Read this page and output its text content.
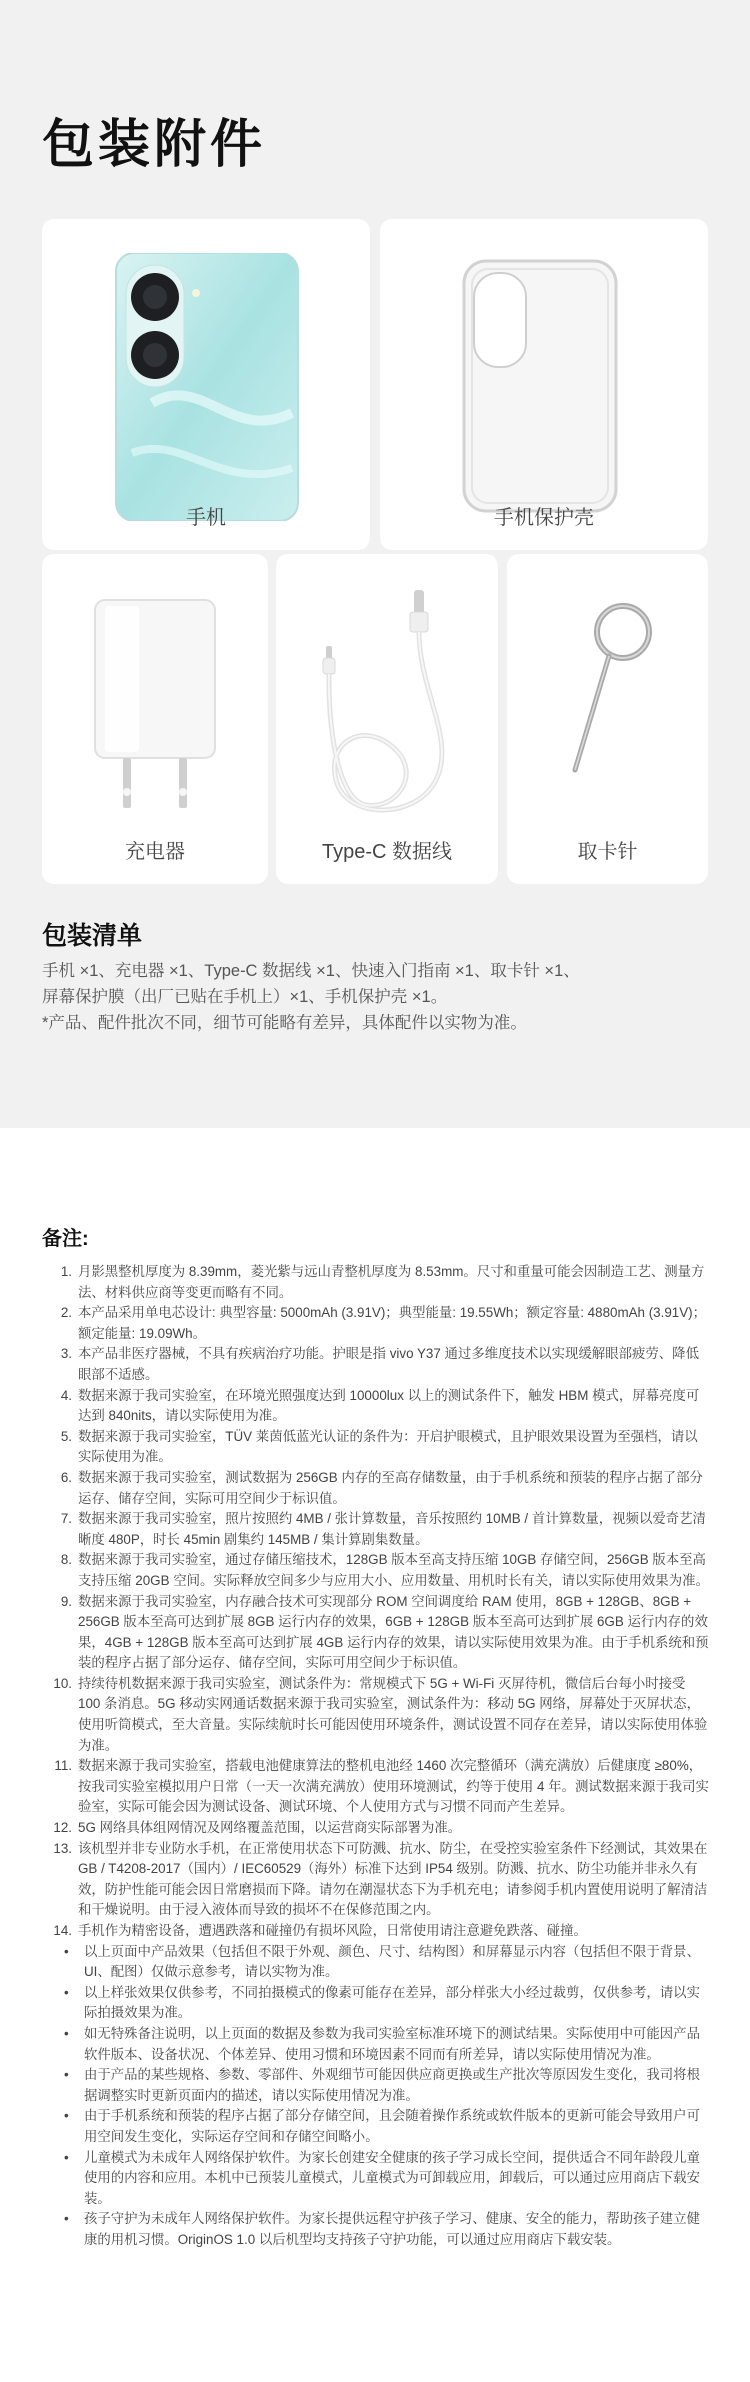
包装附件
手机	手机保护壳
充电器	Type-C 数据线	取卡针
包装清单

手机 ×1、充电器 ×1、Type-C 数据线 ×1、快速入门指南 ×1、取卡针 ×1、

屏幕保护膜（出厂已贴在手机上）×1、手机保护壳 ×1。

*产品、配件批次不同，细节可能略有差异，具体配件以实物为准。

备注:
1. 月影黑整机厚度为 8.39mm，菱光紫与远山青整机厚度为 8.53mm。尺寸和重量可能会因制造工艺、测量方法、材料供应商等变更而略有不同。
2. 本产品采用单电芯设计: 典型容量: 5000mAh (3.91V)；典型能量: 19.55Wh；额定容量: 4880mAh (3.91V)；额定能量: 19.09Wh。
3. 本产品非医疗器械，不具有疾病治疗功能。护眼是指 vivo Y37 通过多维度技术以实现缓解眼部疲劳、降低眼部不适感。
4. 数据来源于我司实验室，在环境光照强度达到 10000lux 以上的测试条件下，触发 HBM 模式，屏幕亮度可达到 840nits，请以实际使用为准。
5. 数据来源于我司实验室，TÜV 莱茵低蓝光认证的条件为：开启护眼模式，且护眼效果设置为至强档，请以实际使用为准。
6. 数据来源于我司实验室，测试数据为 256GB 内存的至高存储数量，由于手机系统和预装的程序占据了部分运存、储存空间，实际可用空间少于标识值。
7. 数据来源于我司实验室，照片按照约 4MB / 张计算数量，音乐按照约 10MB / 首计算数量，视频以爱奇艺清晰度 480P，时长 45min 剧集约 145MB / 集计算剧集数量。
8. 数据来源于我司实验室，通过存储压缩技术，128GB 版本至高支持压缩 10GB 存储空间，256GB 版本至高支持压缩 20GB 空间。实际释放空间多少与应用大小、应用数量、用机时长有关，请以实际使用效果为准。
9. 数据来源于我司实验室，内存融合技术可实现部分 ROM 空间调度给 RAM 使用，8GB + 128GB、8GB + 256GB 版本至高可达到扩展 8GB 运行内存的效果，6GB + 128GB 版本至高可达到扩展 6GB 运行内存的效果，4GB + 128GB 版本至高可达到扩展 4GB 运行内存的效果，请以实际使用效果为准。由于手机系统和预装的程序占据了部分运存、储存空间，实际可用空间少于标识值。
10. 持续待机数据来源于我司实验室，测试条件为：常规模式下 5G + Wi-Fi 灭屏待机，微信后台每小时接受 100 条消息。5G 移动实网通话数据来源于我司实验室，测试条件为：移动 5G 网络，屏幕处于灭屏状态，使用听筒模式，至大音量。实际续航时长可能因使用环境条件，测试设置不同存在差异，请以实际使用体验为准。
11. 数据来源于我司实验室，搭载电池健康算法的整机电池经 1460 次完整循环（满充满放）后健康度 ≥80%，按我司实验室模拟用户日常（一天一次满充满放）使用环境测试，约等于使用 4 年。测试数据来源于我司实验室，实际可能会因为测试设备、测试环境、个人使用方式与习惯不同而产生差异。
12. 5G 网络具体组网情况及网络覆盖范围，以运营商实际部署为准。
13. 该机型并非专业防水手机，在正常使用状态下可防溅、抗水、防尘，在受控实验室条件下经测试，其效果在 GB / T4208-2017（国内）/ IEC60529（海外）标准下达到 IP54 级别。防溅、抗水、防尘功能并非永久有效，防护性能可能会因日常磨损而下降。请勿在潮湿状态下为手机充电；请参阅手机内置使用说明了解清洁和干燥说明。由于浸入液体而导致的损坏不在保修范围之内。
14. 手机作为精密设备，遭遇跌落和碰撞仍有损坏风险，日常使用请注意避免跌落、碰撞。
•	以上页面中产品效果（包括但不限于外观、颜色、尺寸、结构图）和屏幕显示内容（包括但不限于背景、UI、配图）仅做示意参考，请以实物为准。
•	以上样张效果仅供参考，不同拍摄模式的像素可能存在差异，部分样张大小经过裁剪，仅供参考，请以实际拍摄效果为准。
•	如无特殊备注说明，以上页面的数据及参数为我司实验室标准环境下的测试结果。实际使用中可能因产品软件版本、设备状况、个体差异、使用习惯和环境因素不同而有所差异，请以实际使用情况为准。
•	由于产品的某些规格、参数、零部件、外观细节可能因供应商更换或生产批次等原因发生变化，我司将根据调整实时更新页面内的描述，请以实际使用情况为准。
•	由于手机系统和预装的程序占据了部分存储空间，且会随着操作系统或软件版本的更新可能会导致用户可用空间发生变化，实际运存空间和存储空间略小。
•	儿童模式为未成年人网络保护软件。为家长创建安全健康的孩子学习成长空间，提供适合不同年龄段儿童使用的内容和应用。本机中已预装儿童模式，儿童模式为可卸载应用，卸载后，可以通过应用商店下载安装。
•	孩子守护为未成年人网络保护软件。为家长提供远程守护孩子学习、健康、安全的能力，帮助孩子建立健康的用机习惯。OriginOS 1.0 以后机型均支持孩子守护功能，可以通过应用商店下载安装。
